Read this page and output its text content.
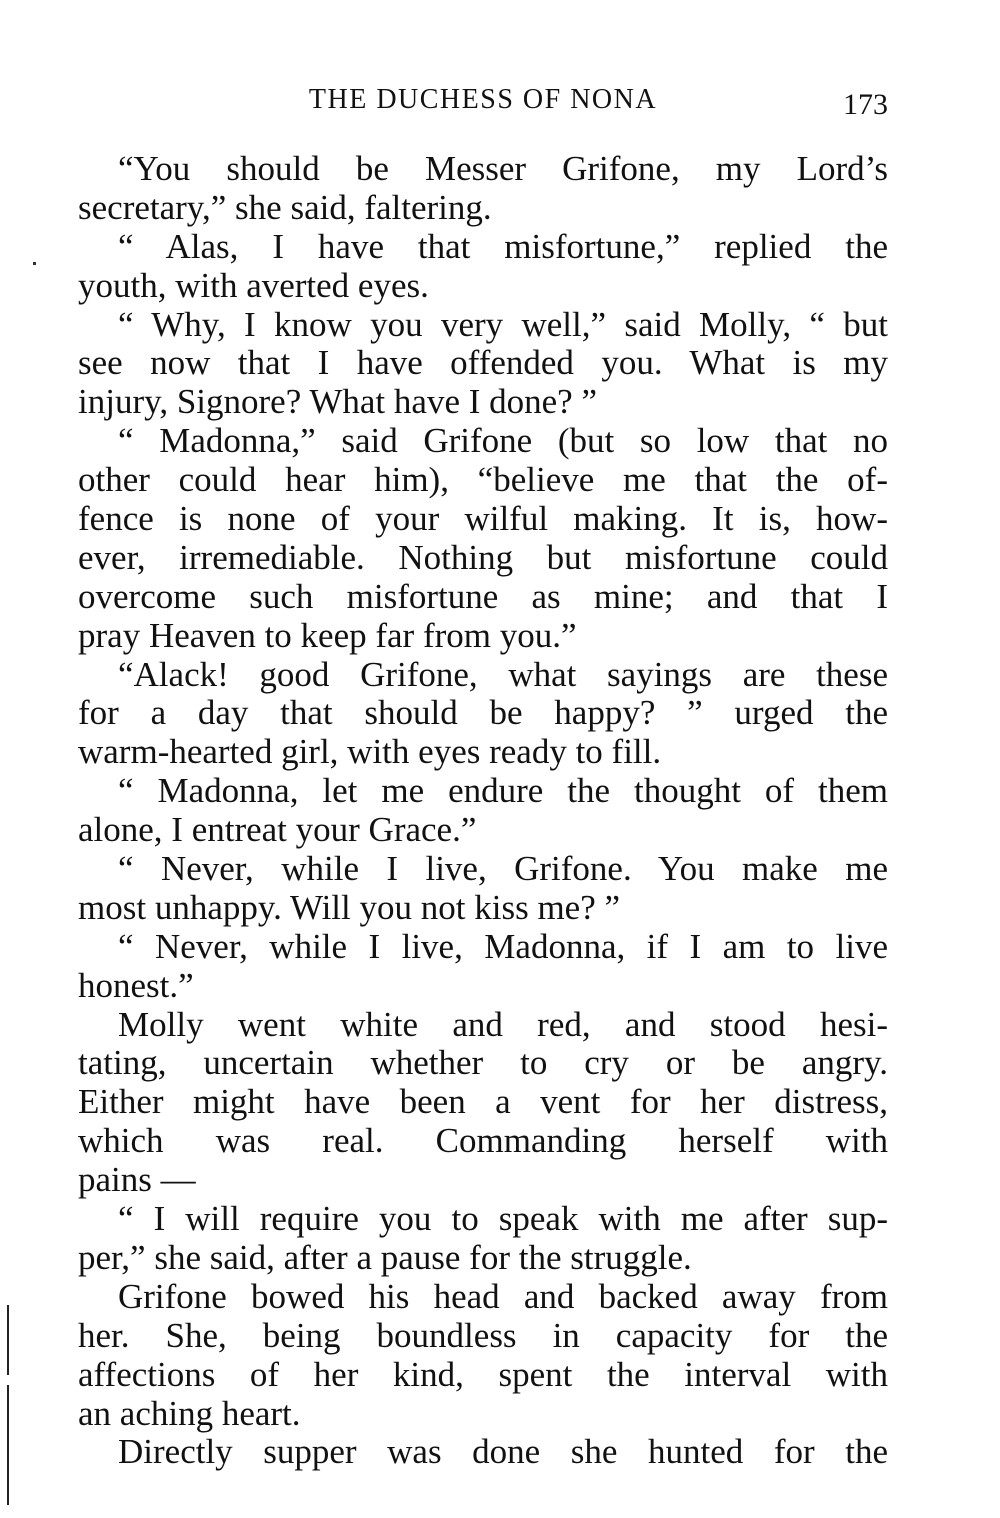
THE DUCHESS OF NONA	173
“You should be Messer Grifone, my Lord’s
secretary,” she said, faltering.
“ Alas, I have that misfortune,” replied the
youth, with averted eyes.
“ Why, I know you very well,” said Molly, “ but
see now that I have offended you. What is my
injury, Signore? What have I done? ”
“ Madonna,” said Grifone (but so low that no
other could hear him), “believe me that the of-
fence is none of your wilful making. It is, how-
ever, irremediable. Nothing but misfortune could
overcome such misfortune as mine; and that I
pray Heaven to keep far from you.”
“Alack! good Grifone, what sayings are these
for a day that should be happy? ” urged the
warm-hearted girl, with eyes ready to fill.
“ Madonna, let me endure the thought of them
alone, I entreat your Grace.”
“ Never, while I live, Grifone. You make me
most unhappy. Will you not kiss me? ”
“ Never, while I live, Madonna, if I am to live
honest.”
Molly went white and red, and stood hesi-
tating, uncertain whether to cry or be angry.
Either might have been a vent for her distress,
which was real. Commanding herself with
pains —
“ I will require you to speak with me after sup-
per,” she said, after a pause for the struggle.
Grifone bowed his head and backed away from
her. She, being boundless in capacity for the
affections of her kind, spent the interval with
an aching heart.
Directly supper was done she hunted for the
